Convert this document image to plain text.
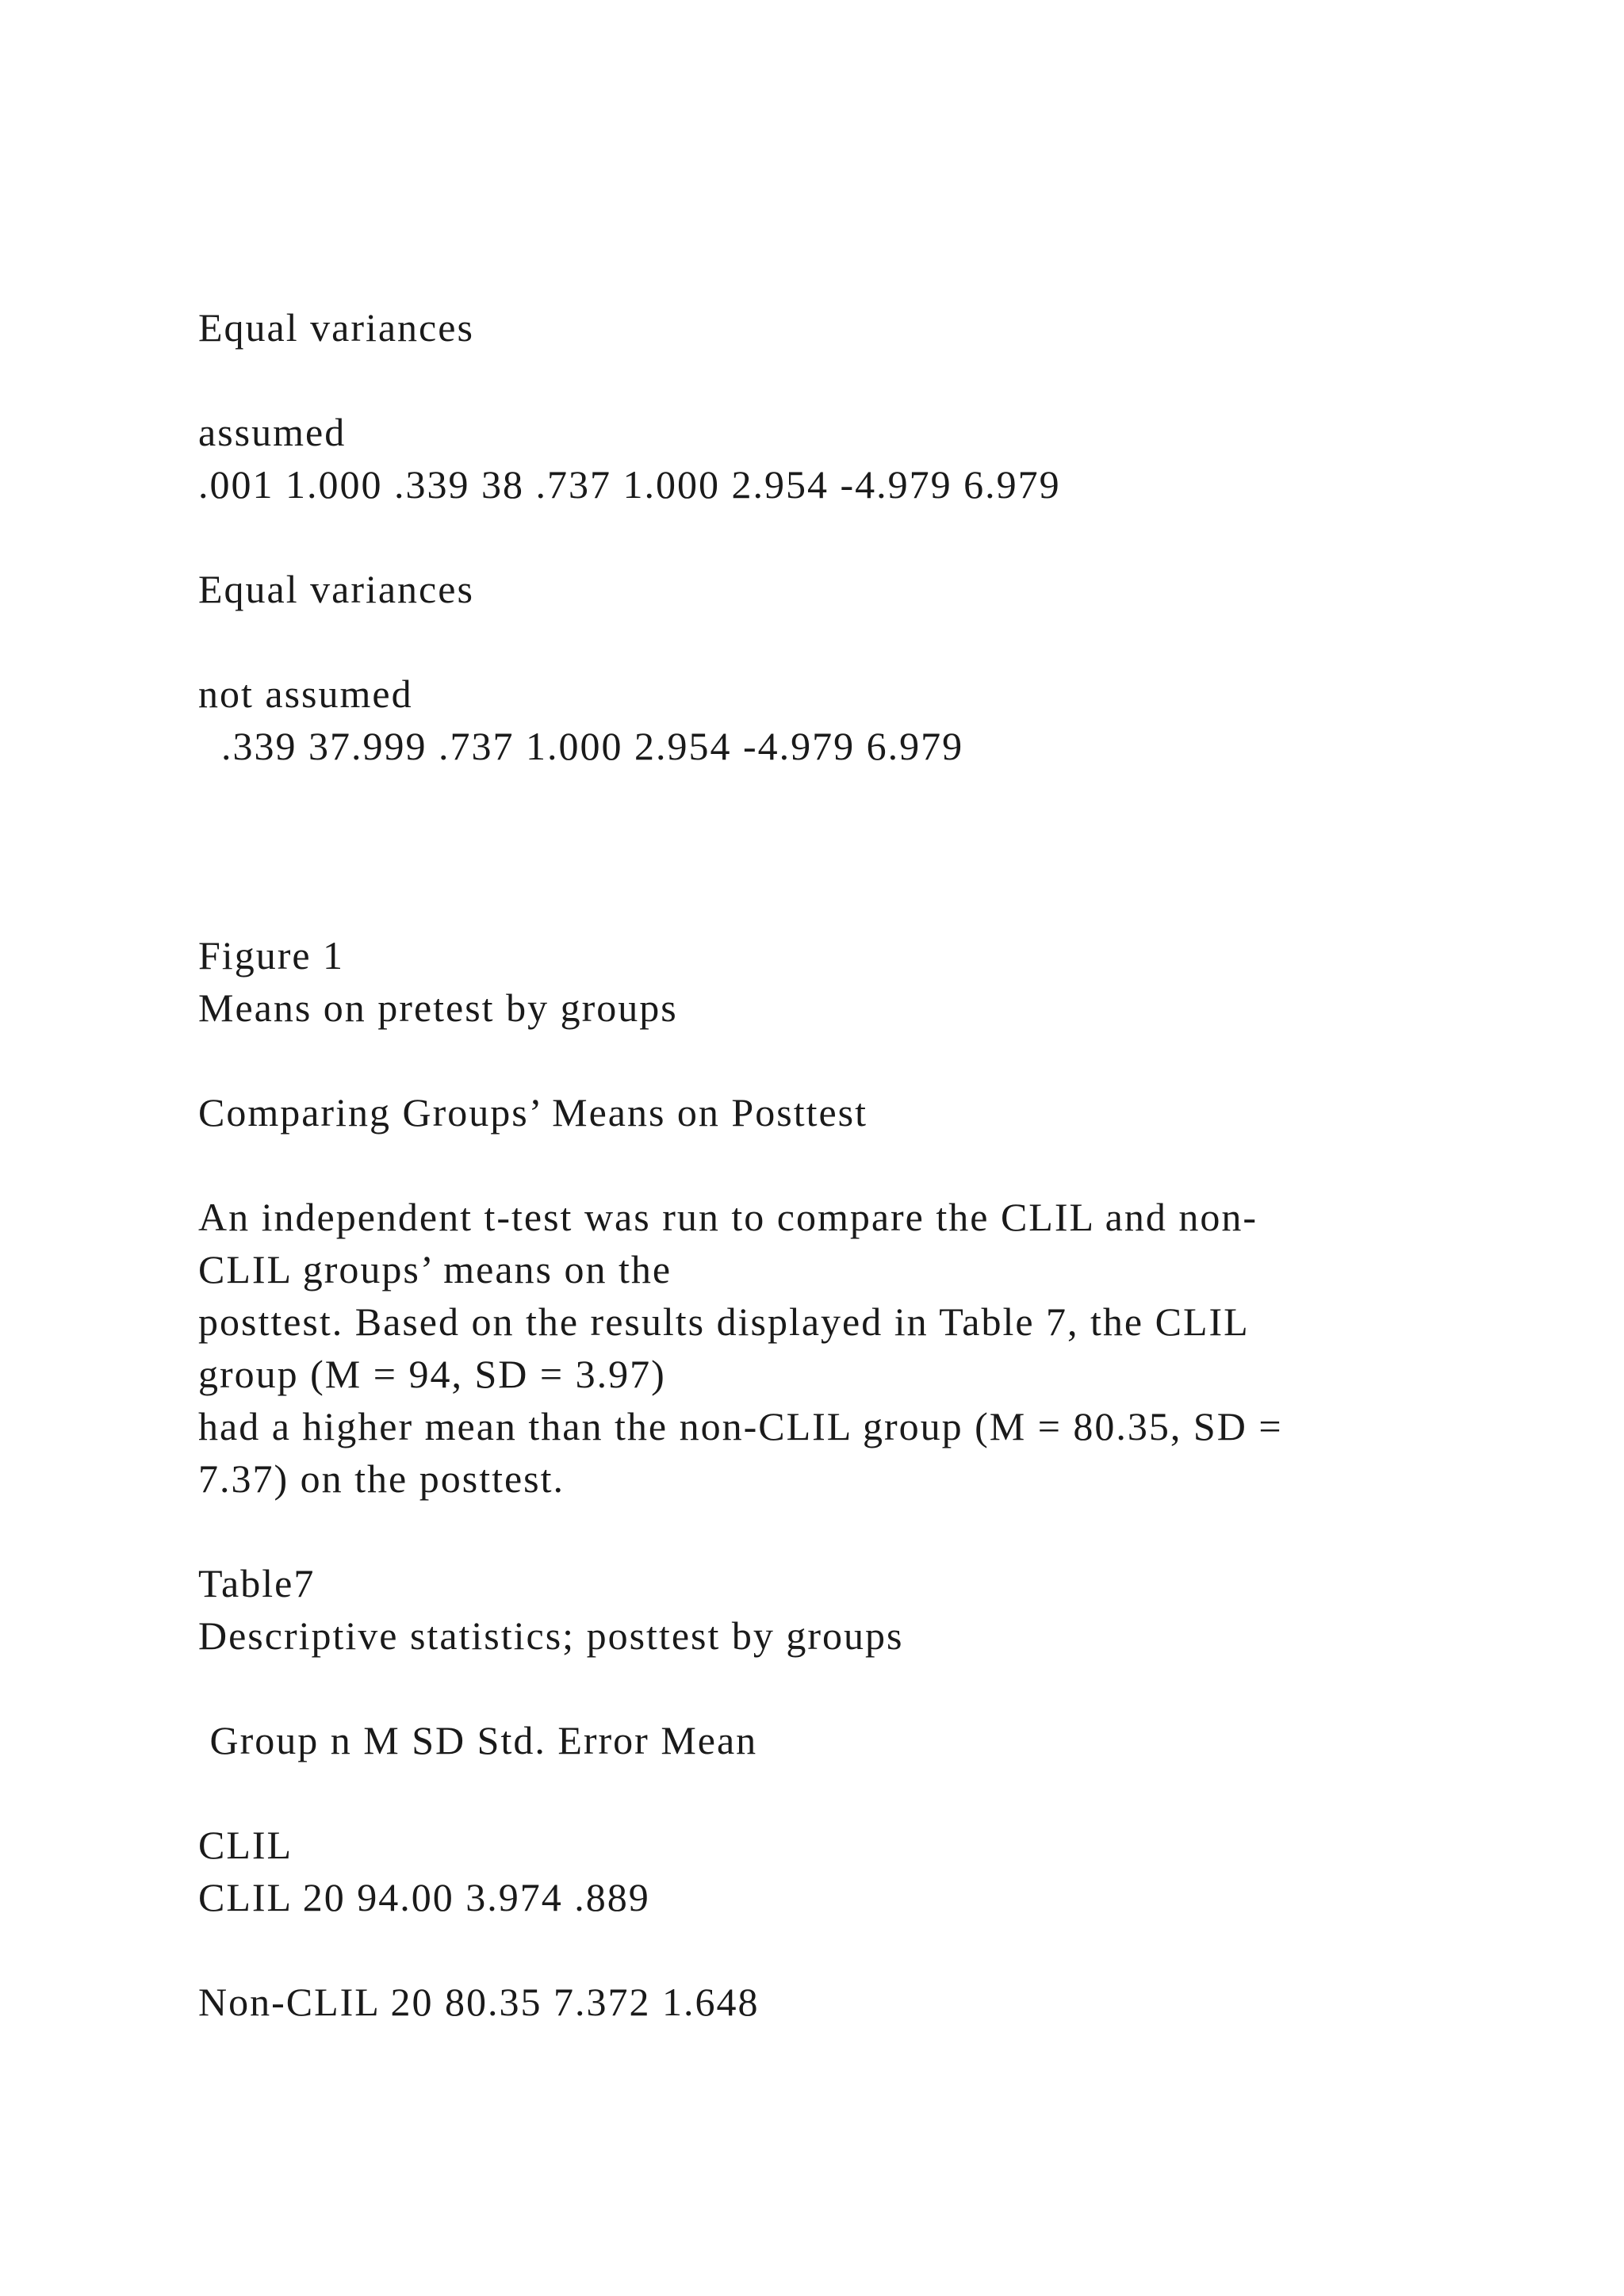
Equal variances
assumed
.001 1.000 .339 38 .737 1.000 2.954 -4.979 6.979
Equal variances
not assumed
.339 37.999 .737 1.000 2.954 -4.979 6.979
Figure 1
Means on pretest by groups
Comparing Groups’ Means on Posttest
An independent t-test was run to compare the CLIL and non-
CLIL groups’ means on the
posttest. Based on the results displayed in Table 7, the CLIL
group (M = 94, SD = 3.97)
had a higher mean than the non-CLIL group (M = 80.35, SD =
7.37) on the posttest.
Table7
Descriptive statistics; posttest by groups
Group n M SD Std. Error Mean
CLIL
CLIL 20 94.00 3.974 .889
Non-CLIL 20 80.35 7.372 1.648
